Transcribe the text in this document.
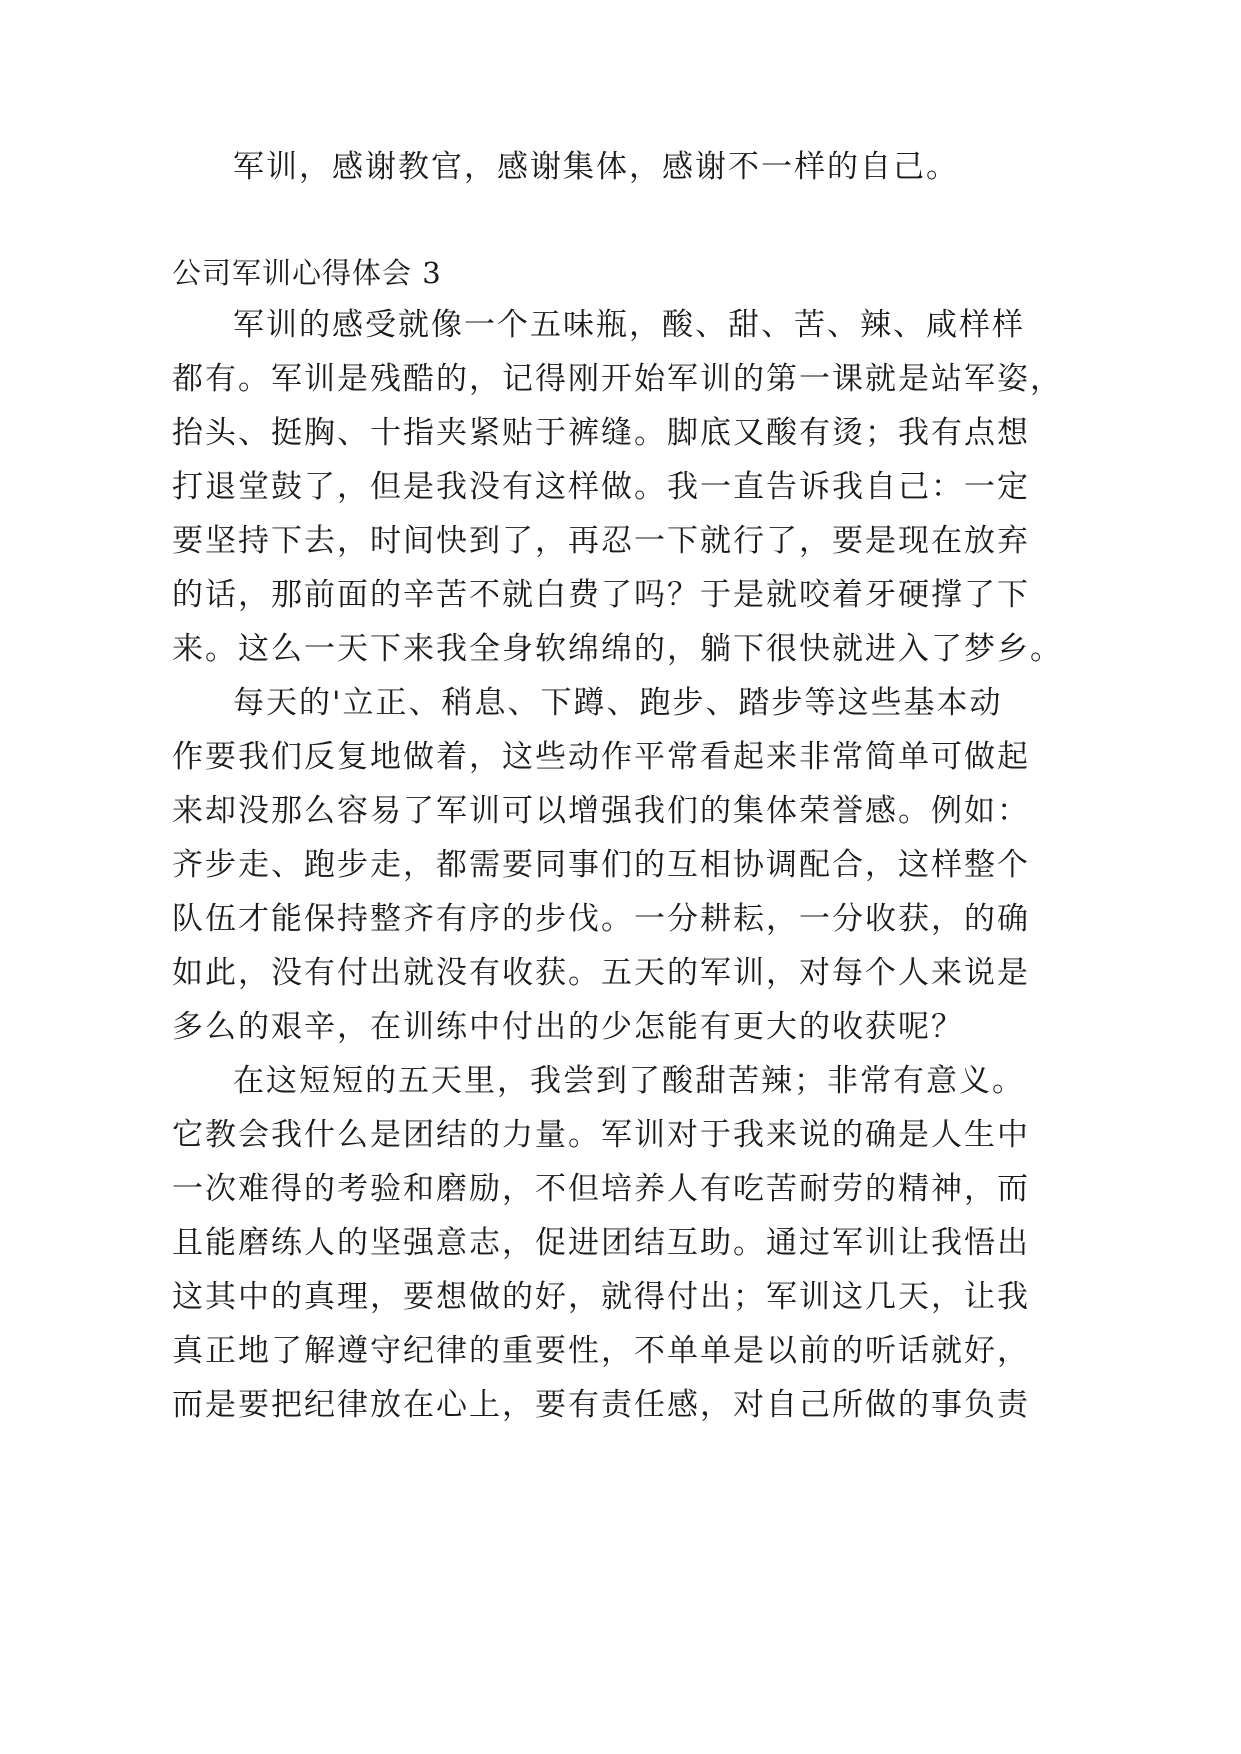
军训，感谢教官，感谢集体，感谢不一样的自己。
公司军训心得体会 3
军训的感受就像一个五味瓶，酸、甜、苦、辣、咸样样
都有。军训是残酷的，记得刚开始军训的第一课就是站军姿，
抬头、挺胸、十指夹紧贴于裤缝。脚底又酸有烫；我有点想
打退堂鼓了，但是我没有这样做。我一直告诉我自己：一定
要坚持下去，时间快到了，再忍一下就行了，要是现在放弃
的话，那前面的辛苦不就白费了吗？于是就咬着牙硬撑了下
来。这么一天下来我全身软绵绵的，躺下很快就进入了梦乡。
每天的'立正、稍息、下蹲、跑步、踏步等这些基本动
作要我们反复地做着，这些动作平常看起来非常简单可做起
来却没那么容易了军训可以增强我们的集体荣誉感。例如：
齐步走、跑步走，都需要同事们的互相协调配合，这样整个
队伍才能保持整齐有序的步伐。一分耕耘，一分收获，的确
如此，没有付出就没有收获。五天的军训，对每个人来说是
多么的艰辛，在训练中付出的少怎能有更大的收获呢？
在这短短的五天里，我尝到了酸甜苦辣；非常有意义。
它教会我什么是团结的力量。军训对于我来说的确是人生中
一次难得的考验和磨励，不但培养人有吃苦耐劳的精神，而
且能磨练人的坚强意志，促进团结互助。通过军训让我悟出
这其中的真理，要想做的好，就得付出；军训这几天，让我
真正地了解遵守纪律的重要性，不单单是以前的听话就好，
而是要把纪律放在心上，要有责任感，对自己所做的事负责
